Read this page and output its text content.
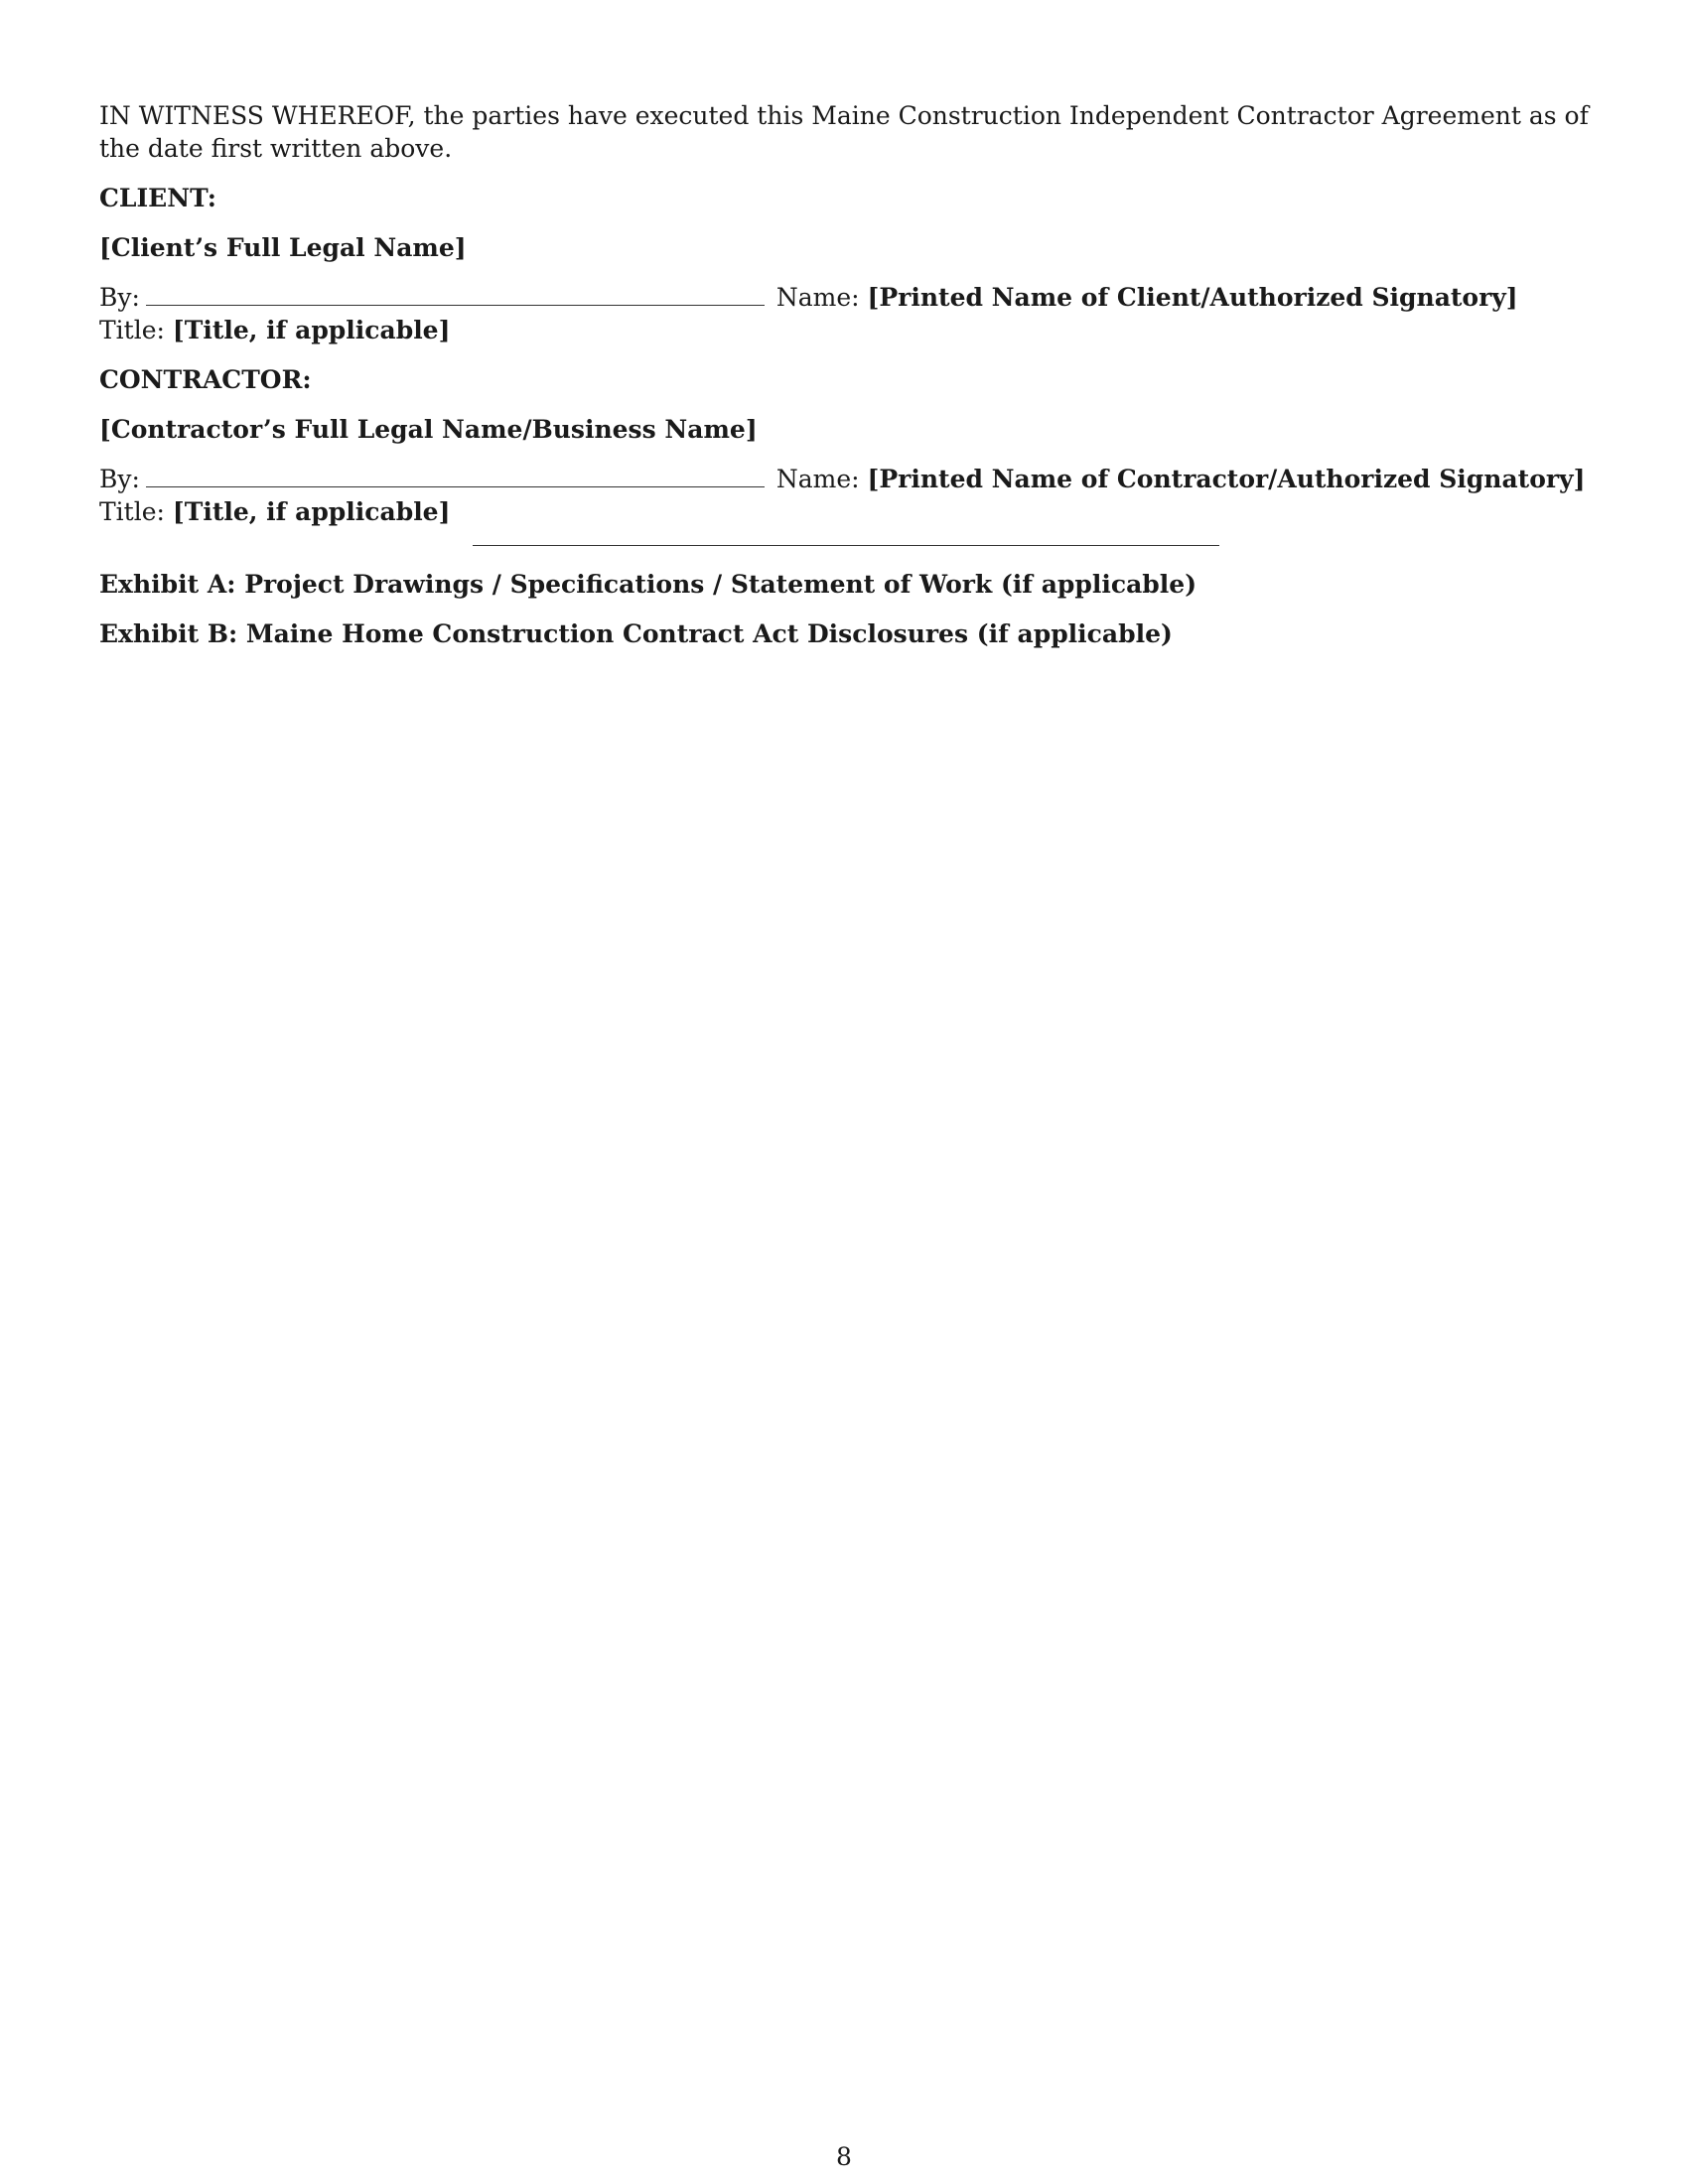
IN WITNESS WHEREOF, the parties have executed this Maine Construction Independent Contractor Agreement as of the date first written above.

CLIENT:

[Client’s Full Legal Name]

By:	Name: [Printed Name of Client/Authorized Signatory] Title: [Title, if applicable]

CONTRACTOR:

[Contractor’s Full Legal Name/Business Name]

By:	Name: [Printed Name of Contractor/Authorized Signatory] Title: [Title, if applicable]

Exhibit A: Project Drawings / Specifications / Statement of Work (if applicable)

Exhibit B: Maine Home Construction Contract Act Disclosures (if applicable)

8
